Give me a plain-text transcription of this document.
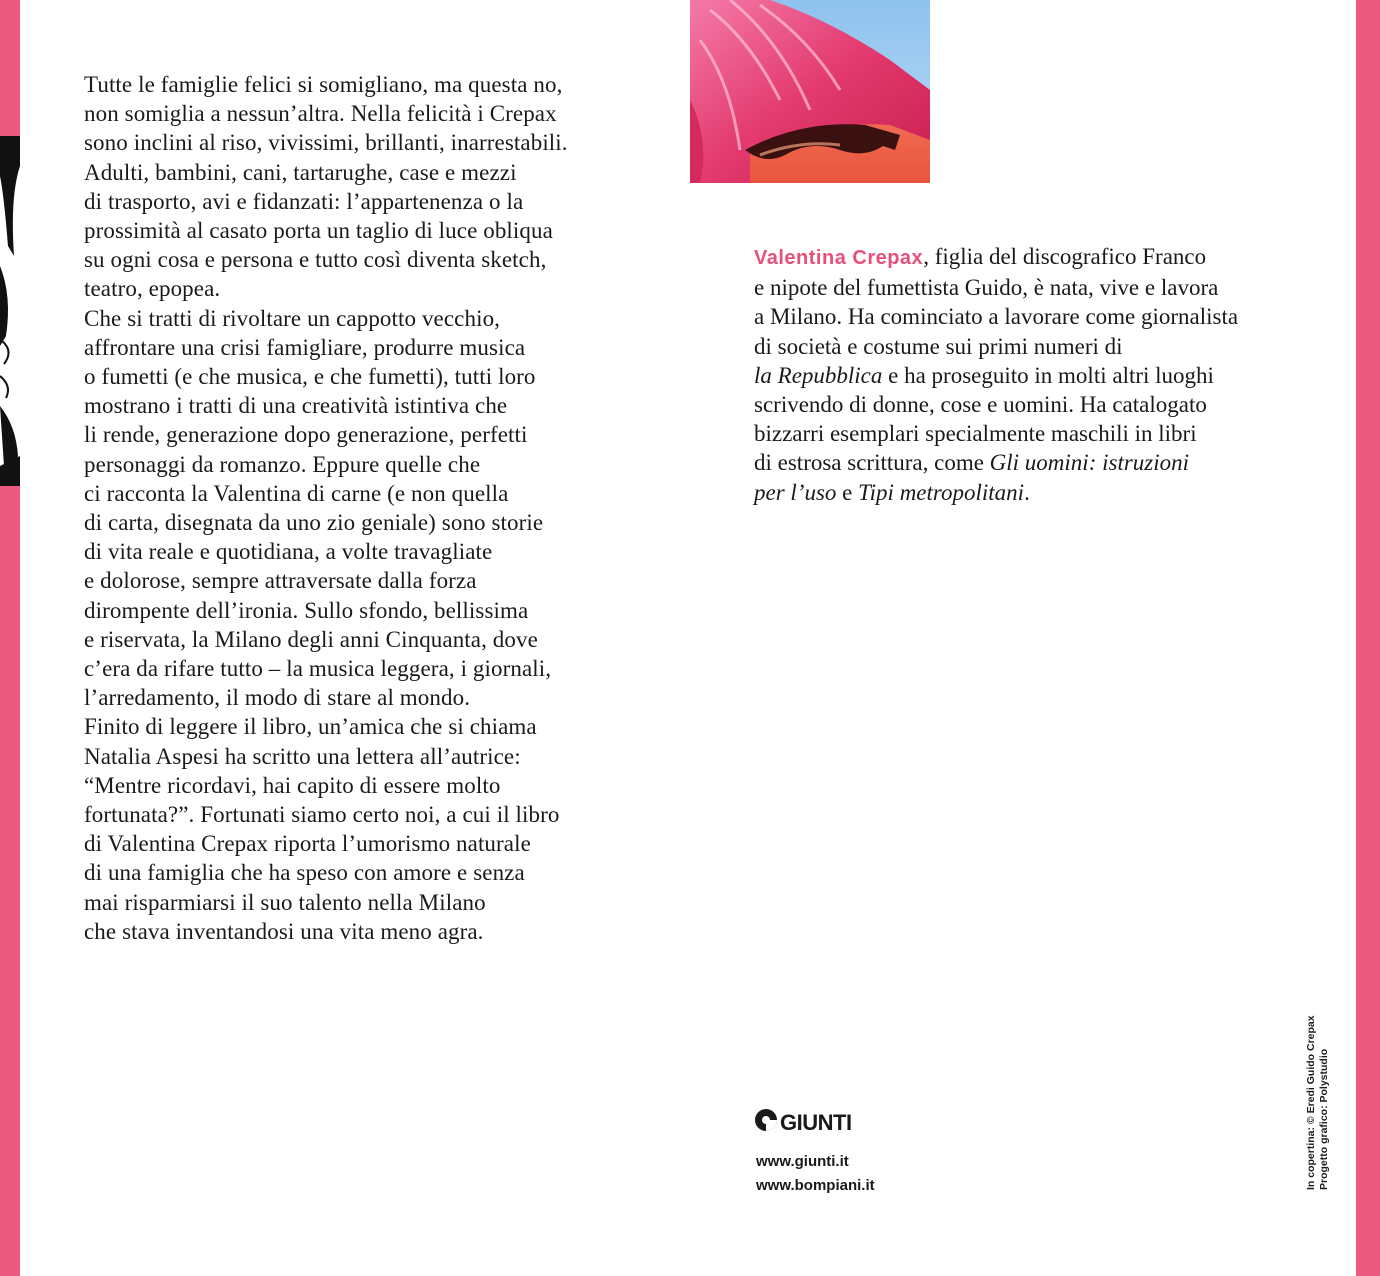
Tutte le famiglie felici si somigliano, ma questa no,
non somiglia a nessun’altra. Nella felicità i Crepax
sono inclini al riso, vivissimi, brillanti, inarrestabili.
Adulti, bambini, cani, tartarughe, case e mezzi
di trasporto, avi e fidanzati: l’appartenenza o la
prossimità al casato porta un taglio di luce obliqua
su ogni cosa e persona e tutto così diventa sketch,
teatro, epopea.
Che si tratti di rivoltare un cappotto vecchio,
affrontare una crisi famigliare, produrre musica
o fumetti (e che musica, e che fumetti), tutti loro
mostrano i tratti di una creatività istintiva che
li rende, generazione dopo generazione, perfetti
personaggi da romanzo. Eppure quelle che
ci racconta la Valentina di carne (e non quella
di carta, disegnata da uno zio geniale) sono storie
di vita reale e quotidiana, a volte travagliate
e dolorose, sempre attraversate dalla forza
dirompente dell’ironia. Sullo sfondo, bellissima
e riservata, la Milano degli anni Cinquanta, dove
c’era da rifare tutto – la musica leggera, i giornali,
l’arredamento, il modo di stare al mondo.
Finito di leggere il libro, un’amica che si chiama
Natalia Aspesi ha scritto una lettera all’autrice:
“Mentre ricordavi, hai capito di essere molto
fortunata?”. Fortunati siamo certo noi, a cui il libro
di Valentina Crepax riporta l’umorismo naturale
di una famiglia che ha speso con amore e senza
mai risparmiarsi il suo talento nella Milano
che stava inventandosi una vita meno agra.
Valentina Crepax, figlia del discografico Franco
e nipote del fumettista Guido, è nata, vive e lavora
a Milano. Ha cominciato a lavorare come giornalista
di società e costume sui primi numeri di
la Repubblica e ha proseguito in molti altri luoghi
scrivendo di donne, cose e uomini. Ha catalogato
bizzarri esemplari specialmente maschili in libri
di estrosa scrittura, come Gli uomini: istruzioni
per l’uso e Tipi metropolitani.
GIUNTI
www.giunti.it
www.bompiani.it	In copertina: © Eredi Guido Crepax Progetto grafico: Polystudio
